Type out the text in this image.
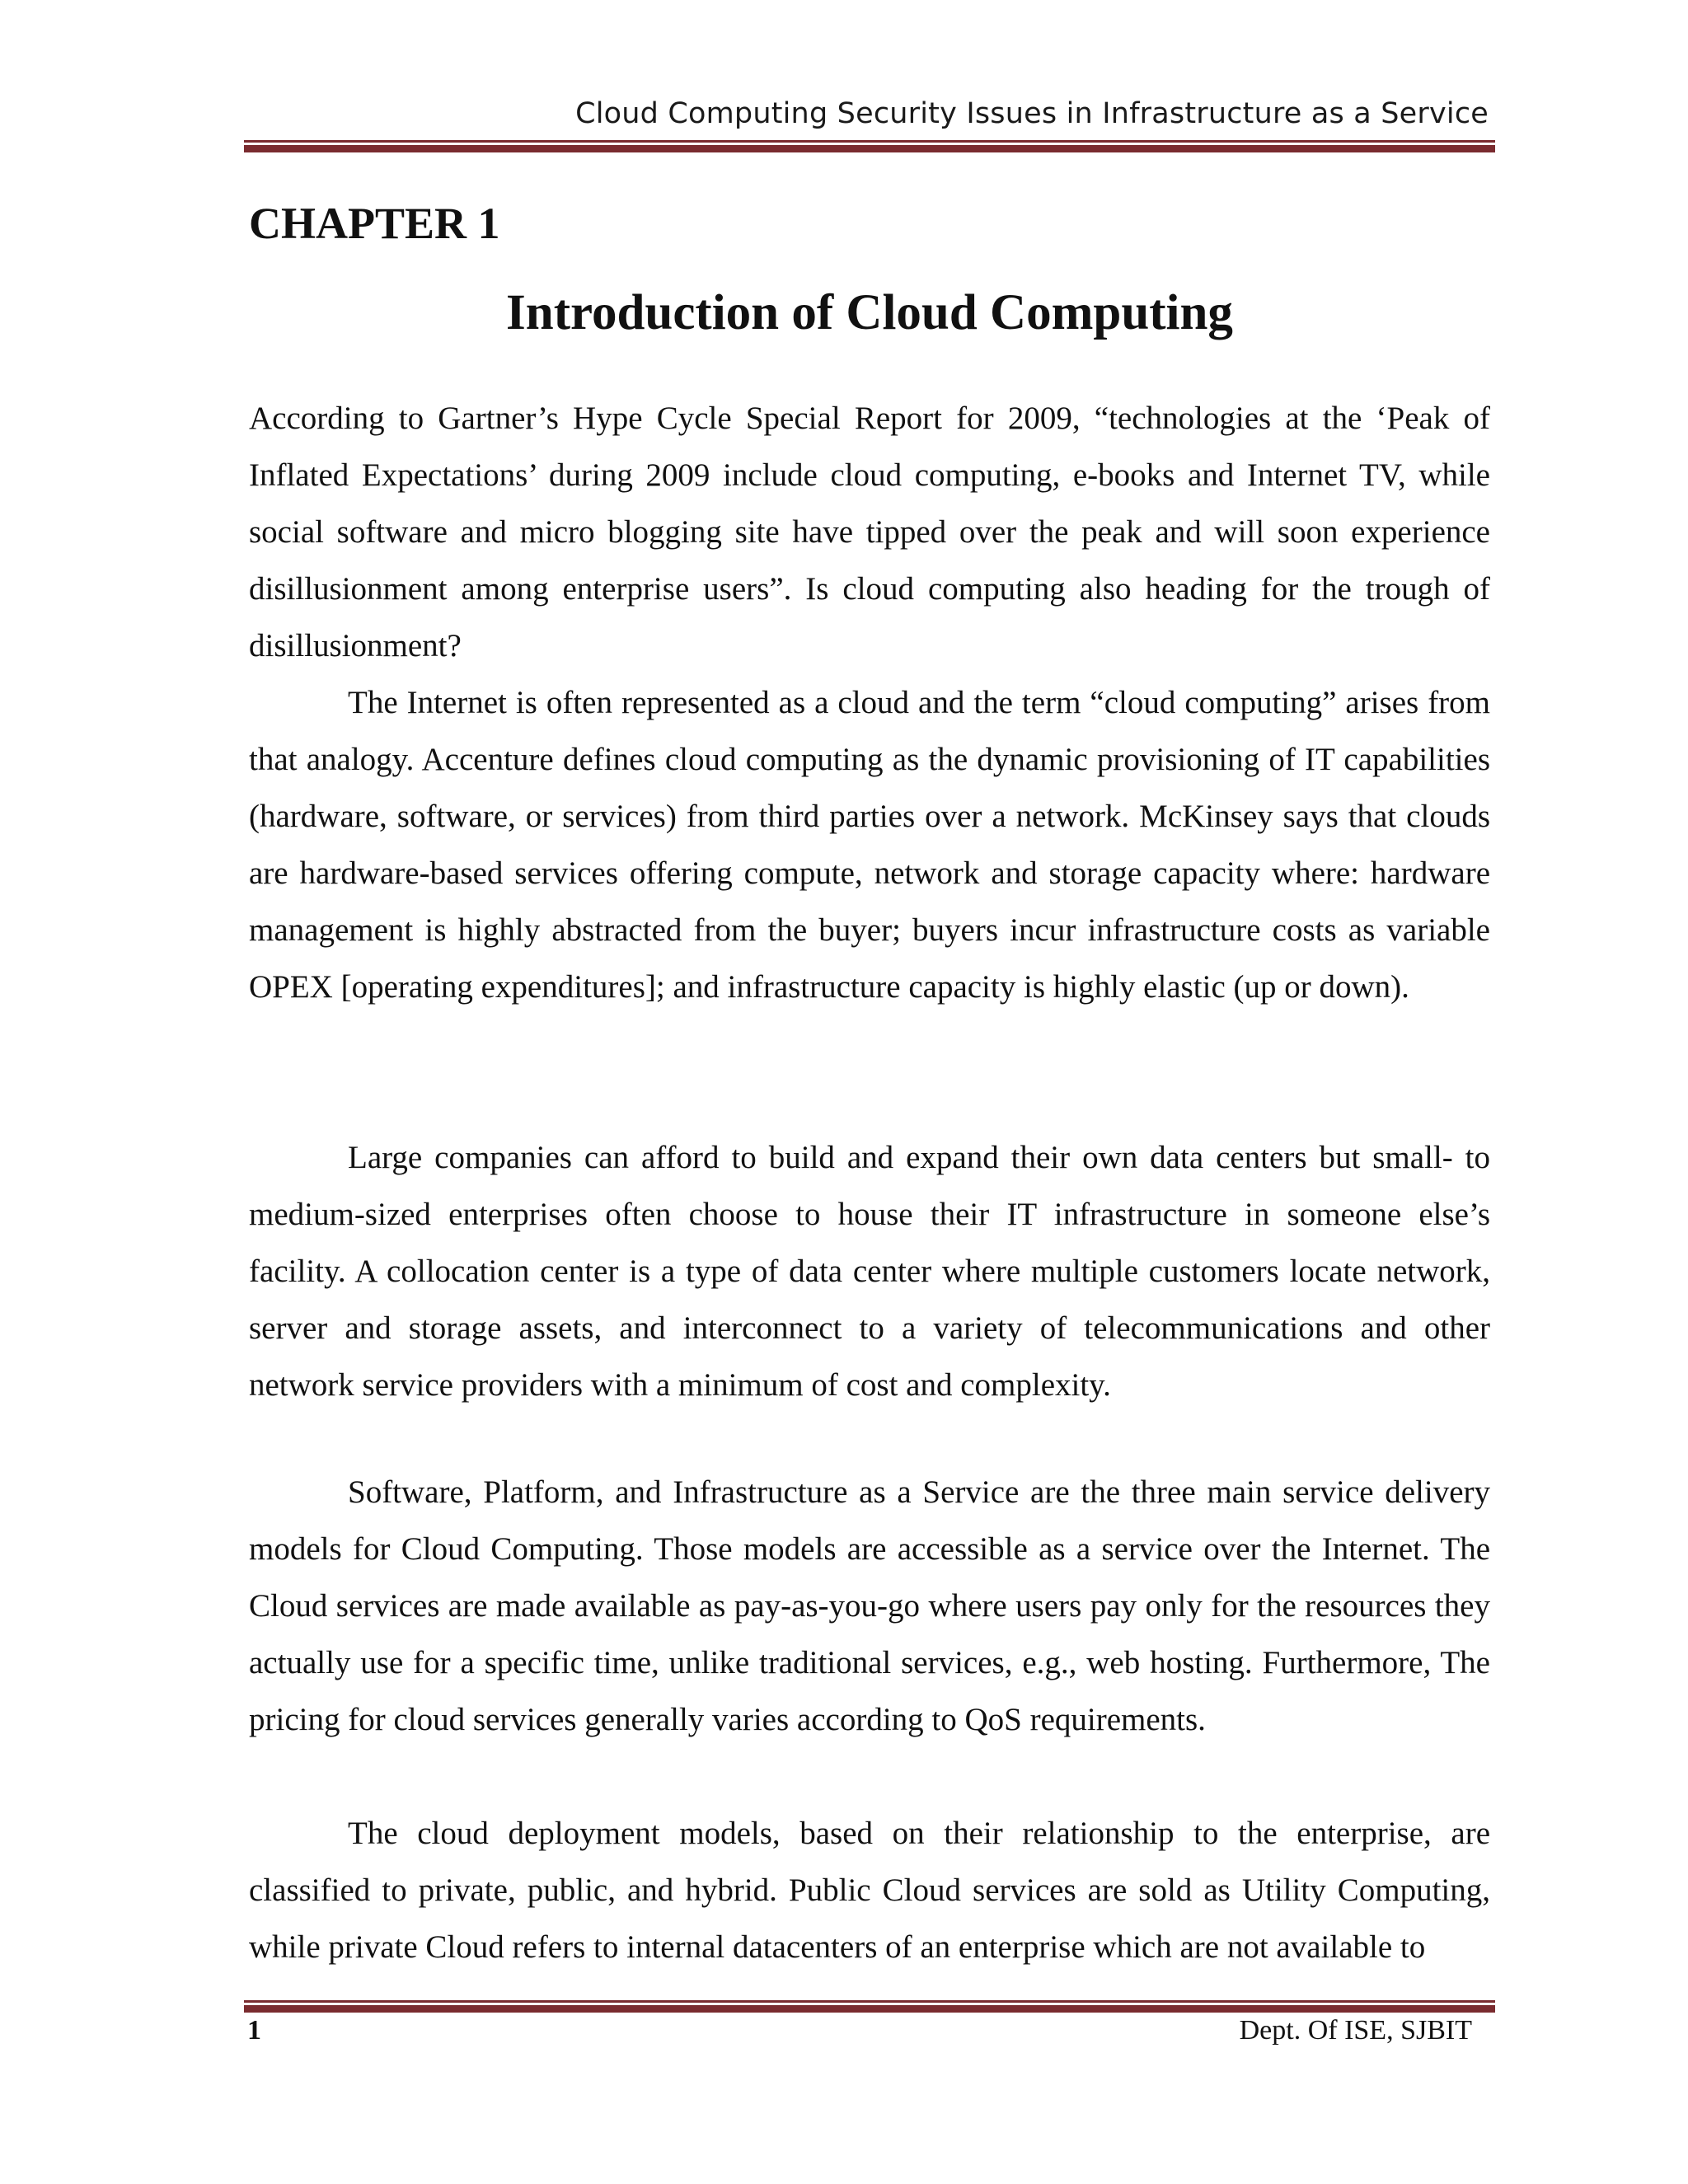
Cloud Computing Security Issues in Infrastructure as a Service
CHAPTER 1
Introduction of Cloud Computing

According to Gartner’s Hype Cycle Special Report for 2009, “technologies at the ‘Peak of Inflated Expectations’ during 2009 include cloud computing, e-books and Internet TV, while social software and micro blogging site have tipped over the peak and will soon experience disillusionment among enterprise users”. Is cloud computing also heading for the trough of disillusionment?

The Internet is often represented as a cloud and the term “cloud computing” arises from that analogy. Accenture defines cloud computing as the dynamic provisioning of IT capabilities (hardware, software, or services) from third parties over a network. McKinsey says that clouds are hardware-based services offering compute, network and storage capacity where: hardware management is highly abstracted from the buyer; buyers incur infrastructure costs as variable OPEX [operating expenditures]; and infrastructure capacity is highly elastic (up or down).

Large companies can afford to build and expand their own data centers but small- to medium-sized enterprises often choose to house their IT infrastructure in someone else’s facility. A collocation center is a type of data center where multiple customers locate network, server and storage assets, and interconnect to a variety of telecommunications and other network service providers with a minimum of cost and complexity.

Software, Platform, and Infrastructure as a Service are the three main service delivery models for Cloud Computing. Those models are accessible as a service over the Internet. The Cloud services are made available as pay-as-you-go where users pay only for the resources they actually use for a specific time, unlike traditional services, e.g., web hosting. Furthermore, The pricing for cloud services generally varies according to QoS requirements.

The cloud deployment models, based on their relationship to the enterprise, are classified to private, public, and hybrid. Public Cloud services are sold as Utility Computing, while private Cloud refers to internal datacenters of an enterprise which are not available to

1	Dept. Of ISE, SJBIT
